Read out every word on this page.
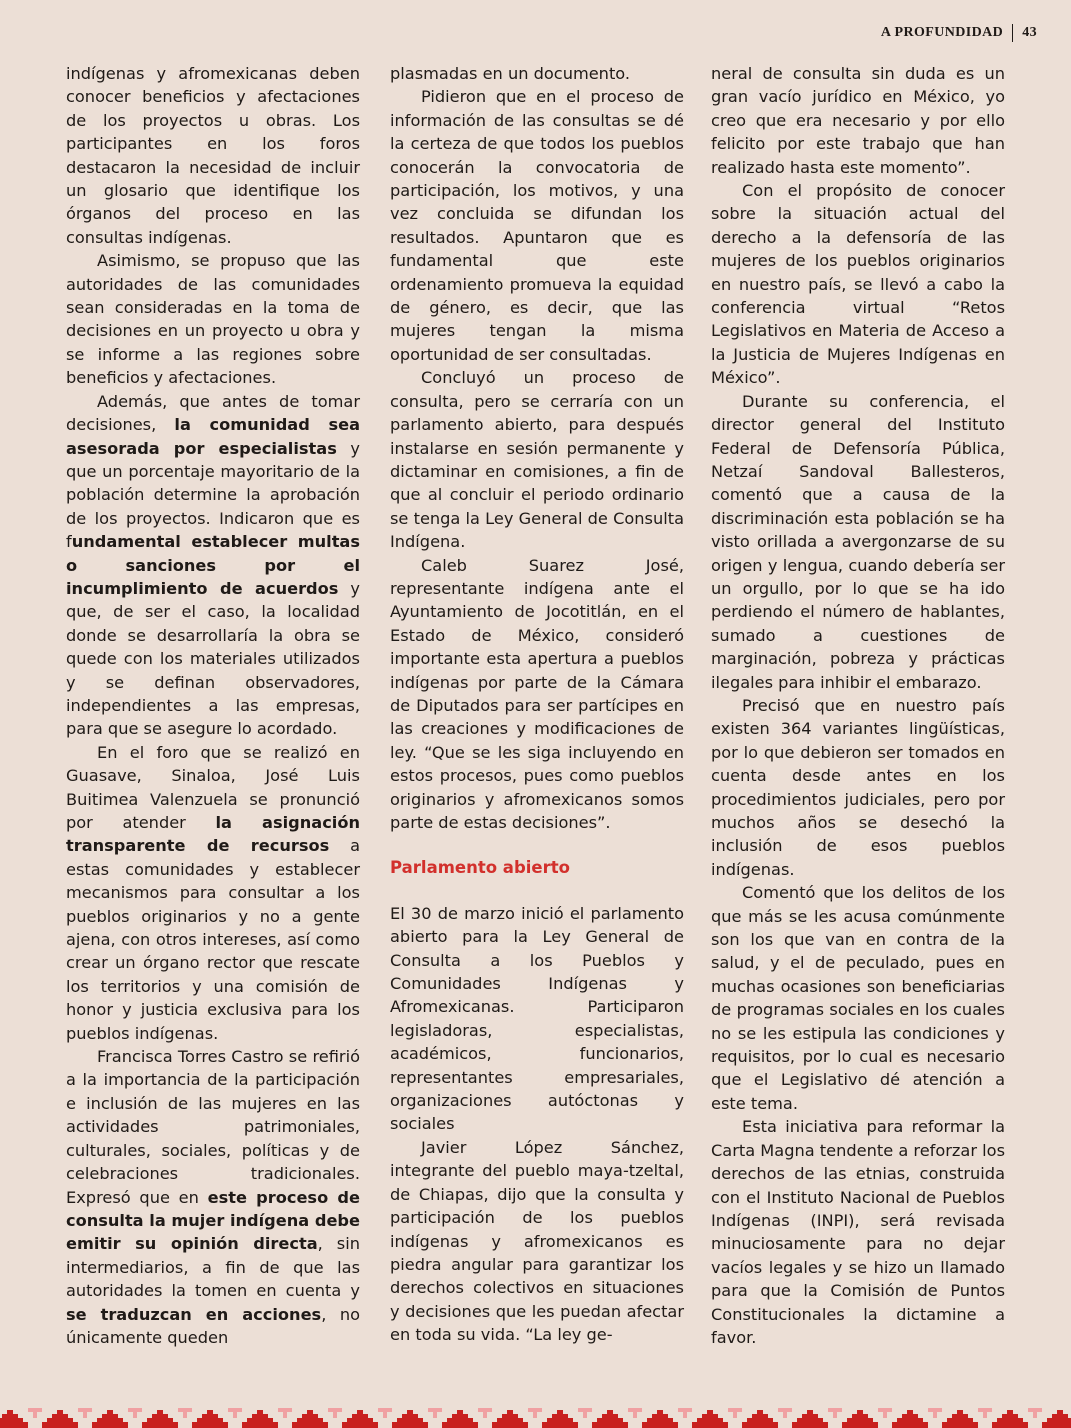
A PROFUNDIDAD 43

indígenas y afromexicanas deben conocer beneficios y afectaciones de los proyectos u obras. Los participantes en los foros destacaron la necesidad de incluir un glosario que identifique los órganos del proceso en las consultas indígenas.

Asimismo, se propuso que las autoridades de las comunidades sean consideradas en la toma de decisiones en un proyecto u obra y se informe a las regiones sobre beneficios y afectaciones.

Además, que antes de tomar decisiones, la comunidad sea asesorada por especialistas y que un porcentaje mayoritario de la población determine la aprobación de los proyectos. Indicaron que es fundamental establecer multas o sanciones por el incumplimiento de acuerdos y que, de ser el caso, la localidad donde se desarrollaría la obra se quede con los materiales utilizados y se definan observadores, independientes a las empresas, para que se asegure lo acordado.

En el foro que se realizó en Guasave, Sinaloa, José Luis Buitimea Valenzuela se pronunció por atender la asignación transparente de recursos a estas comunidades y establecer mecanismos para consultar a los pueblos originarios y no a gente ajena, con otros intereses, así como crear un órgano rector que rescate los territorios y una comisión de honor y justicia exclusiva para los pueblos indígenas.

Francisca Torres Castro se refirió a la importancia de la participación e inclusión de las mujeres en las actividades patrimoniales, culturales, sociales, políticas y de celebraciones tradicionales. Expresó que en este proceso de consulta la mujer indígena debe emitir su opinión directa, sin intermediarios, a fin de que las autoridades la tomen en cuenta y se traduzcan en acciones, no únicamente queden

plasmadas en un documento.

Pidieron que en el proceso de información de las consultas se dé la certeza de que todos los pueblos conocerán la convocatoria de participación, los motivos, y una vez concluida se difundan los resultados. Apuntaron que es fundamental que este ordenamiento promueva la equidad de género, es decir, que las mujeres tengan la misma oportunidad de ser consultadas.

Concluyó un proceso de consulta, pero se cerraría con un parlamento abierto, para después instalarse en sesión permanente y dictaminar en comisiones, a fin de que al concluir el periodo ordinario se tenga la Ley General de Consulta Indígena.

Caleb Suarez José, representante indígena ante el Ayuntamiento de Jocotitlán, en el Estado de México, consideró importante esta apertura a pueblos indígenas por parte de la Cámara de Diputados para ser partícipes en las creaciones y modificaciones de ley. “Que se les siga incluyendo en estos procesos, pues como pueblos originarios y afromexicanos somos parte de estas decisiones”.

Parlamento abierto

El 30 de marzo inició el parlamento abierto para la Ley General de Consulta a los Pueblos y Comunidades Indígenas y Afromexicanas. Participaron legisladoras, especialistas, académicos, funcionarios, representantes empresariales, organizaciones autóctonas y sociales

Javier López Sánchez, integrante del pueblo maya-tzeltal, de Chiapas, dijo que la consulta y participación de los pueblos indígenas y afromexicanos es piedra angular para garantizar los derechos colectivos en situaciones y decisiones que les puedan afectar en toda su vida. “La ley ge-

neral de consulta sin duda es un gran vacío jurídico en México, yo creo que era necesario y por ello felicito por este trabajo que han realizado hasta este momento”.

Con el propósito de conocer sobre la situación actual del derecho a la defensoría de las mujeres de los pueblos originarios en nuestro país, se llevó a cabo la conferencia virtual “Retos Legislativos en Materia de Acceso a la Justicia de Mujeres Indígenas en México”.

Durante su conferencia, el director general del Instituto Federal de Defensoría Pública, Netzaí Sandoval Ballesteros, comentó que a causa de la discriminación esta población se ha visto orillada a avergonzarse de su origen y lengua, cuando debería ser un orgullo, por lo que se ha ido perdiendo el número de hablantes, sumado a cuestiones de marginación, pobreza y prácticas ilegales para inhibir el embarazo.

Precisó que en nuestro país existen 364 variantes lingüísticas, por lo que debieron ser tomados en cuenta desde antes en los procedimientos judiciales, pero por muchos años se desechó la inclusión de esos pueblos indígenas.

Comentó que los delitos de los que más se les acusa comúnmente son los que van en contra de la salud, y el de peculado, pues en muchas ocasiones son beneficiarias de programas sociales en los cuales no se les estipula las condiciones y requisitos, por lo cual es necesario que el Legislativo dé atención a este tema.

Esta iniciativa para reformar la Carta Magna tendente a reforzar los derechos de las etnias, construida con el Instituto Nacional de Pueblos Indígenas (INPI), será revisada minuciosamente para no dejar vacíos legales y se hizo un llamado para que la Comisión de Puntos Constitucionales la dictamine a favor.
